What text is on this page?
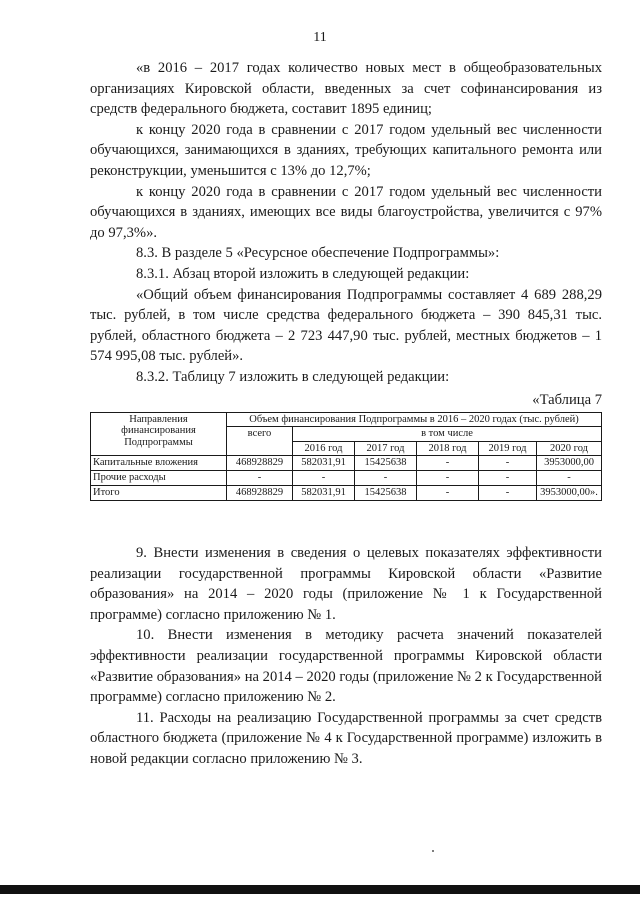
11

«в 2016 – 2017 годах количество новых мест в общеобразовательных организациях Кировской области, введенных за счет софинансирования из средств федерального бюджета, составит 1895 единиц;

к концу 2020 года в сравнении с 2017 годом удельный вес численности обучающихся, занимающихся в зданиях, требующих капитального ремонта или реконструкции, уменьшится с 13% до 12,7%;

к концу 2020 года в сравнении с 2017 годом удельный вес численности обучающихся в зданиях, имеющих все виды благоустройства, увеличится с 97% до 97,3%».

8.3. В разделе 5 «Ресурсное обеспечение Подпрограммы»:

8.3.1. Абзац второй изложить в следующей редакции:

«Общий объем финансирования Подпрограммы составляет 4 689 288,29 тыс. рублей, в том числе средства федерального бюджета – 390 845,31 тыс. рублей, областного бюджета – 2 723 447,90 тыс. рублей, местных бюджетов – 1 574 995,08 тыс. рублей».

8.3.2. Таблицу 7 изложить в следующей редакции:

«Таблица 7
Направления финансирования Подпрограммы	Объем финансирования Подпрограммы в 2016 – 2020 годах (тыс. рублей)					
	всего	в том числе				
		2016 год	2017 год	2018 год	2019 год	2020 год
Капитальные вложения	468928829	582031,91	15425638	-	-	3953000,00
Прочие расходы	-	-	-	-	-	-
Итого	468928829	582031,91	15425638	-	-	3953000,00».

9. Внести изменения в сведения о целевых показателях эффективности реализации государственной программы Кировской области «Развитие образования» на 2014 – 2020 годы (приложение № 1 к Государственной программе) согласно приложению № 1.

10. Внести изменения в методику расчета значений показателей эффективности реализации государственной программы Кировской области «Развитие образования» на 2014 – 2020 годы (приложение № 2 к Государственной программе) согласно приложению № 2.

11. Расходы на реализацию Государственной программы за счет средств областного бюджета (приложение № 4 к Государственной программе) изложить в новой редакции согласно приложению № 3.
